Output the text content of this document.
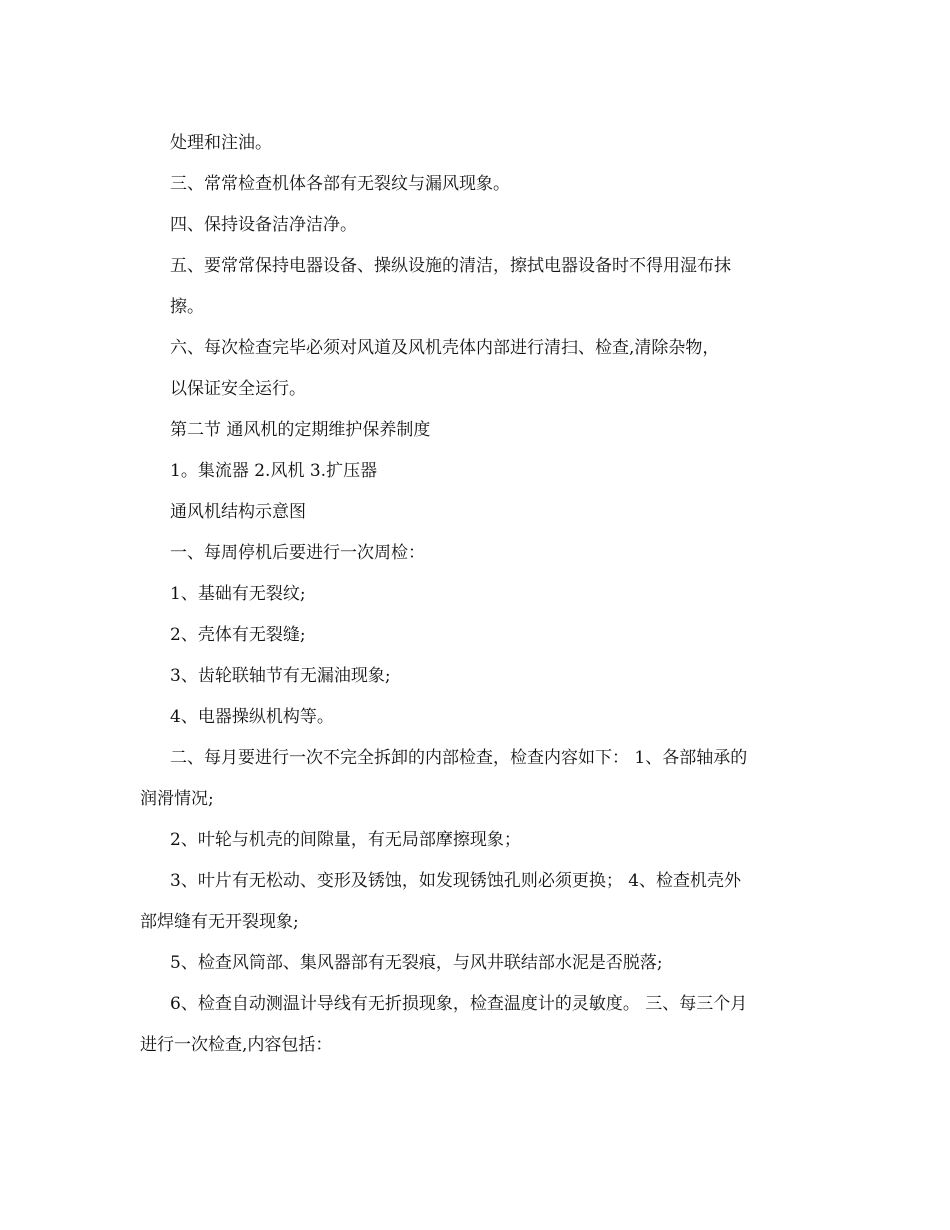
处理和注油。
三、常常检查机体各部有无裂纹与漏风现象。
四、保持设备洁净洁净。
五、要常常保持电器设备、操纵设施的清洁，擦拭电器设备时不得用湿布抹
擦。
六、每次检查完毕必须对风道及风机壳体内部进行清扫、检查,清除杂物，
以保证安全运行。
第二节 通风机的定期维护保养制度
1。集流器 2.风机 3.扩压器
通风机结构示意图
一、每周停机后要进行一次周检：
1、基础有无裂纹;
2、壳体有无裂缝;
3、齿轮联轴节有无漏油现象;
4、电器操纵机构等。
二、每月要进行一次不完全拆卸的内部检查，检查内容如下： 1、各部轴承的
润滑情况;
2、叶轮与机壳的间隙量，有无局部摩擦现象；
3、叶片有无松动、变形及锈蚀，如发现锈蚀孔则必须更换； 4、检查机壳外
部焊缝有无开裂现象;
5、检查风筒部、集风器部有无裂痕，与风井联结部水泥是否脱落;
6、检查自动测温计导线有无折损现象，检查温度计的灵敏度。 三、每三个月
进行一次检查,内容包括：
